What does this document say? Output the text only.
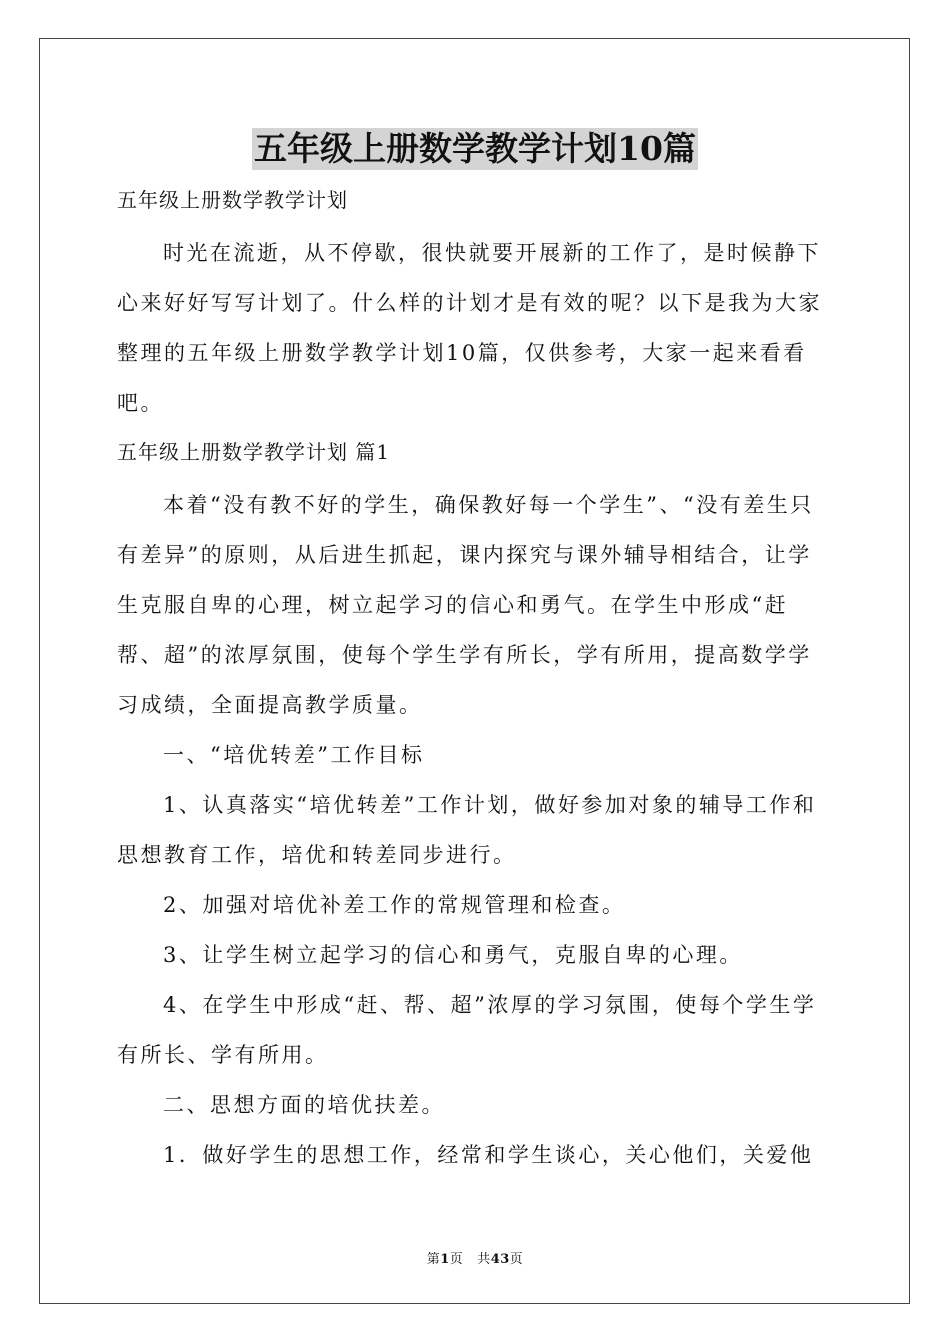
五年级上册数学教学计划10篇

五年级上册数学教学计划

时光在流逝，从不停歇，很快就要开展新的工作了，是时候静下心来好好写写计划了。什么样的计划才是有效的呢？以下是我为大家整理的五年级上册数学教学计划10篇，仅供参考，大家一起来看看吧。

五年级上册数学教学计划 篇1

本着“没有教不好的学生，确保教好每一个学生”、“没有差生只有差异”的原则，从后进生抓起，课内探究与课外辅导相结合，让学生克服自卑的心理，树立起学习的信心和勇气。在学生中形成“赶帮、超”的浓厚氛围，使每个学生学有所长，学有所用，提高数学学习成绩，全面提高教学质量。

一、“培优转差”工作目标

1、认真落实“培优转差”工作计划，做好参加对象的辅导工作和思想教育工作，培优和转差同步进行。

2、加强对培优补差工作的常规管理和检查。

3、让学生树立起学习的信心和勇气，克服自卑的心理。

4、在学生中形成“赶、帮、超”浓厚的学习氛围，使每个学生学有所长、学有所用。

二、思想方面的培优扶差。

1．做好学生的思想工作，经常和学生谈心，关心他们，关爱他

第1页 共43页
